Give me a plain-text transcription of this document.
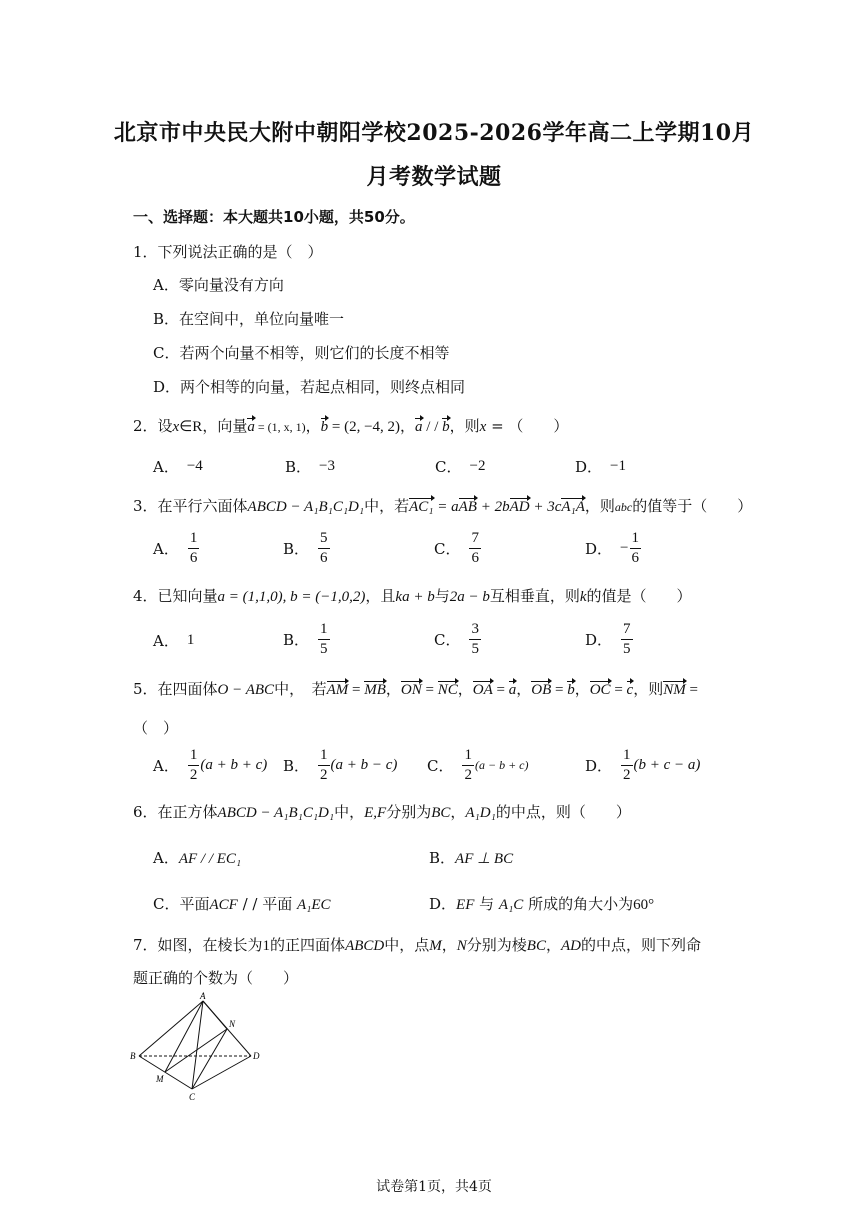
北京市中央民大附中朝阳学校2025-2026学年高二上学期10月
月考数学试题
一、选择题：本大题共10小题，共50分。
1．下列说法正确的是（　）
A．零向量没有方向
B．在空间中，单位向量唯一
C．若两个向量不相等，则它们的长度不相等
D．两个相等的向量，若起点相同，则终点相同
2．设x∈R，向量a = (1, x, 1)，b = (2, −4, 2)，a / / b，则x = （　　）
A． −4	B． −3	C． −2	D． −1
3．在平行六面体ABCD − A₁B₁C₁D₁中，若AC₁ = aAB + 2bAD + 3cA₁A，则abc的值等于（　　）
A． $\frac{1}{6}$	B． $\frac{5}{6}$	C． $\frac{7}{6}$	D． − $\frac{1}{6}$
4．已知向量a = (1,1,0), b = (−1,0,2)，且ka + b与2a − b互相垂直，则k的值是（　　）
A． 1	B． $\frac{1}{5}$	C． $\frac{3}{5}$	D． $\frac{7}{5}$
5．在四面体O − ABC中，　若AM = MB，ON = NC，OA = a，OB = b，OC = c，则NM =
（　）
A． $\frac{1}{2} (a + b + c)$ B． $\frac{1}{2} (a + b - c)$ C． $\frac{1}{2} (a - b + c)$	D． $\frac{1}{2} (b + c - a)$
6．在正方体ABCD − A₁B₁C₁D₁中，E,F分别为BC，A₁D₁的中点，则（　　）
A．AF / / EC₁	B．AF ⊥ BC
C．平面ACF / / 平面 A₁EC	D．EF 与 A₁C 所成的角大小为60°
7．如图，在棱长为1的正四面体ABCD中，点M，N分别为棱BC，AD的中点，则下列命
题正确的个数为（　　）
A
B
C
D
M
N
试卷第1页，共4页
